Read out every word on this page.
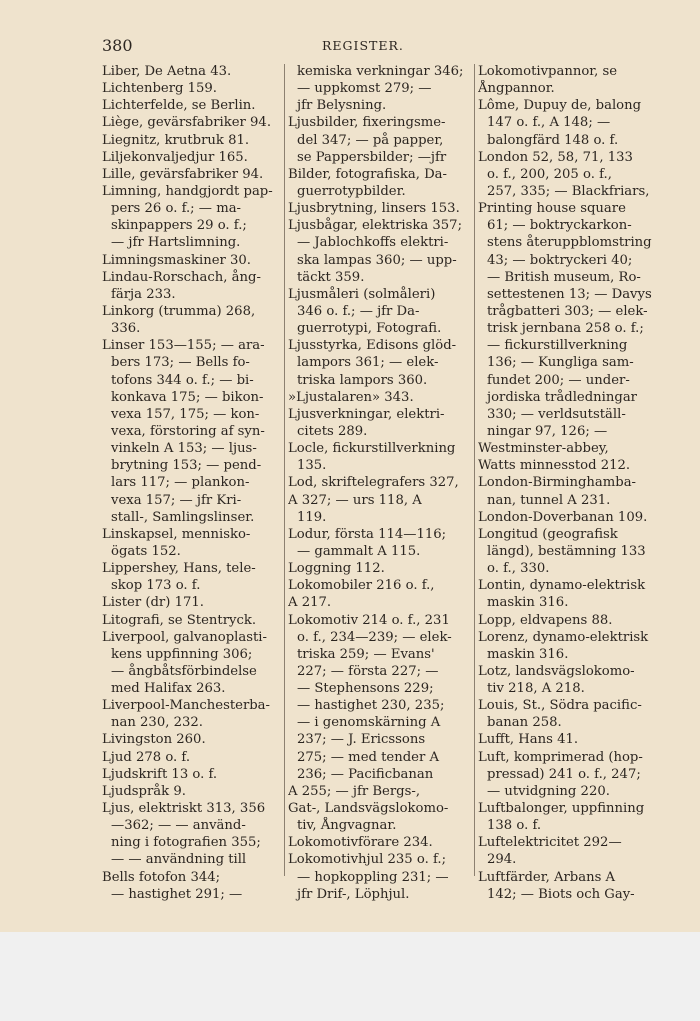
380	REGISTER.
Liber, De Aetna 43.
Lichtenberg 159.
Lichterfelde, se Berlin.
Liège, gevärsfabriker 94.
Liegnitz, krutbruk 81.
Liljekonvaljedjur 165.
Lille, gevärsfabriker 94.
Limning, handgjordt pap-
pers 26 o. f.; — ma-
skinpappers 29 o. f.;
— jfr Hartslimning.
Limningsmaskiner 30.
Lindau-Rorschach, ång-
färja 233.
Linkorg (trumma) 268,
336.
Linser 153—155; — ara-
bers 173; — Bells fo-
tofons 344 o. f.; — bi-
konkava 175; — bikon-
vexa 157, 175; — kon-
vexa, förstoring af syn-
vinkeln A 153; — ljus-
brytning 153; — pend-
lars 117; — plankon-
vexa 157; — jfr Kri-
stall-, Samlingslinser.
Linskapsel, mennisko-
ögats 152.
Lippershey, Hans, tele-
skop 173 o. f.
Lister (dr) 171.
Litografi, se Stentryck.
Liverpool, galvanoplasti-
kens uppfinning 306;
— ångbåtsförbindelse
med Halifax 263.
Liverpool-Manchesterba-
nan 230, 232.
Livingston 260.
Ljud 278 o. f.
Ljudskrift 13 o. f.
Ljudspråk 9.
Ljus, elektriskt 313, 356
—362; — — använd-
ning i fotografien 355;
— — användning till
Bells fotofon 344;
— hastighet 291; —
kemiska verkningar 346;
— uppkomst 279; —
jfr Belysning.
Ljusbilder, fixeringsme-
del 347; — på papper,
se Pappersbilder; —jfr
Bilder, fotografiska, Da-
guerrotypbilder.
Ljusbrytning, linsers 153.
Ljusbågar, elektriska 357;
— Jablochkoffs elektri-
ska lampas 360; — upp-
täckt 359.
Ljusmåleri (solmåleri)
346 o. f.; — jfr Da-
guerrotypi, Fotografi.
Ljusstyrka, Edisons glöd-
lampors 361; — elek-
triska lampors 360.
»Ljustalaren» 343.
Ljusverkningar, elektri-
citets 289.
Locle, fickurstillverkning
135.
Lod, skriftelegrafers 327,
A 327; — urs 118, A
119.
Lodur, första 114—116;
— gammalt A 115.
Loggning 112.
Lokomobiler 216 o. f.,
A 217.
Lokomotiv 214 o. f., 231
o. f., 234—239; — elek-
triska 259; — Evans'
227; — första 227; —
— Stephensons 229;
— hastighet 230, 235;
— i genomskärning A
237; — J. Ericssons
275; — med tender A
236; — Pacificbanan
A 255; — jfr Bergs-,
Gat-, Landsvägslokomo-
tiv, Ångvagnar.
Lokomotivförare 234.
Lokomotivhjul 235 o. f.;
— hopkoppling 231; —
jfr Drif-, Löphjul.
Lokomotivpannor, se
Ångpannor.
Lôme, Dupuy de, balong
147 o. f., A 148; —
balongfärd 148 o. f.
London 52, 58, 71, 133
o. f., 200, 205 o. f.,
257, 335; — Blackfriars,
Printing house square
61; — boktryckarkon-
stens återuppblomstring
43; — boktryckeri 40;
— British museum, Ro-
settestenen 13; — Davys
trågbatteri 303; — elek-
trisk jernbana 258 o. f.;
— fickurstillverkning
136; — Kungliga sam-
fundet 200; — under-
jordiska trådledningar
330; — verldsutställ-
ningar 97, 126; —
Westminster-abbey,
Watts minnesstod 212.
London-Birminghamba-
nan, tunnel A 231.
London-Doverbanan 109.
Longitud (geografisk
längd), bestämning 133
o. f., 330.
Lontin, dynamo-elektrisk
maskin 316.
Lopp, eldvapens 88.
Lorenz, dynamo-elektrisk
maskin 316.
Lotz, landsvägslokomo-
tiv 218, A 218.
Louis, St., Södra pacific-
banan 258.
Lufft, Hans 41.
Luft, komprimerad (hop-
pressad) 241 o. f., 247;
— utvidgning 220.
Luftbalonger, uppfinning
138 o. f.
Luftelektricitet 292—
294.
Luftfärder, Arbans A
142; — Biots och Gay-
